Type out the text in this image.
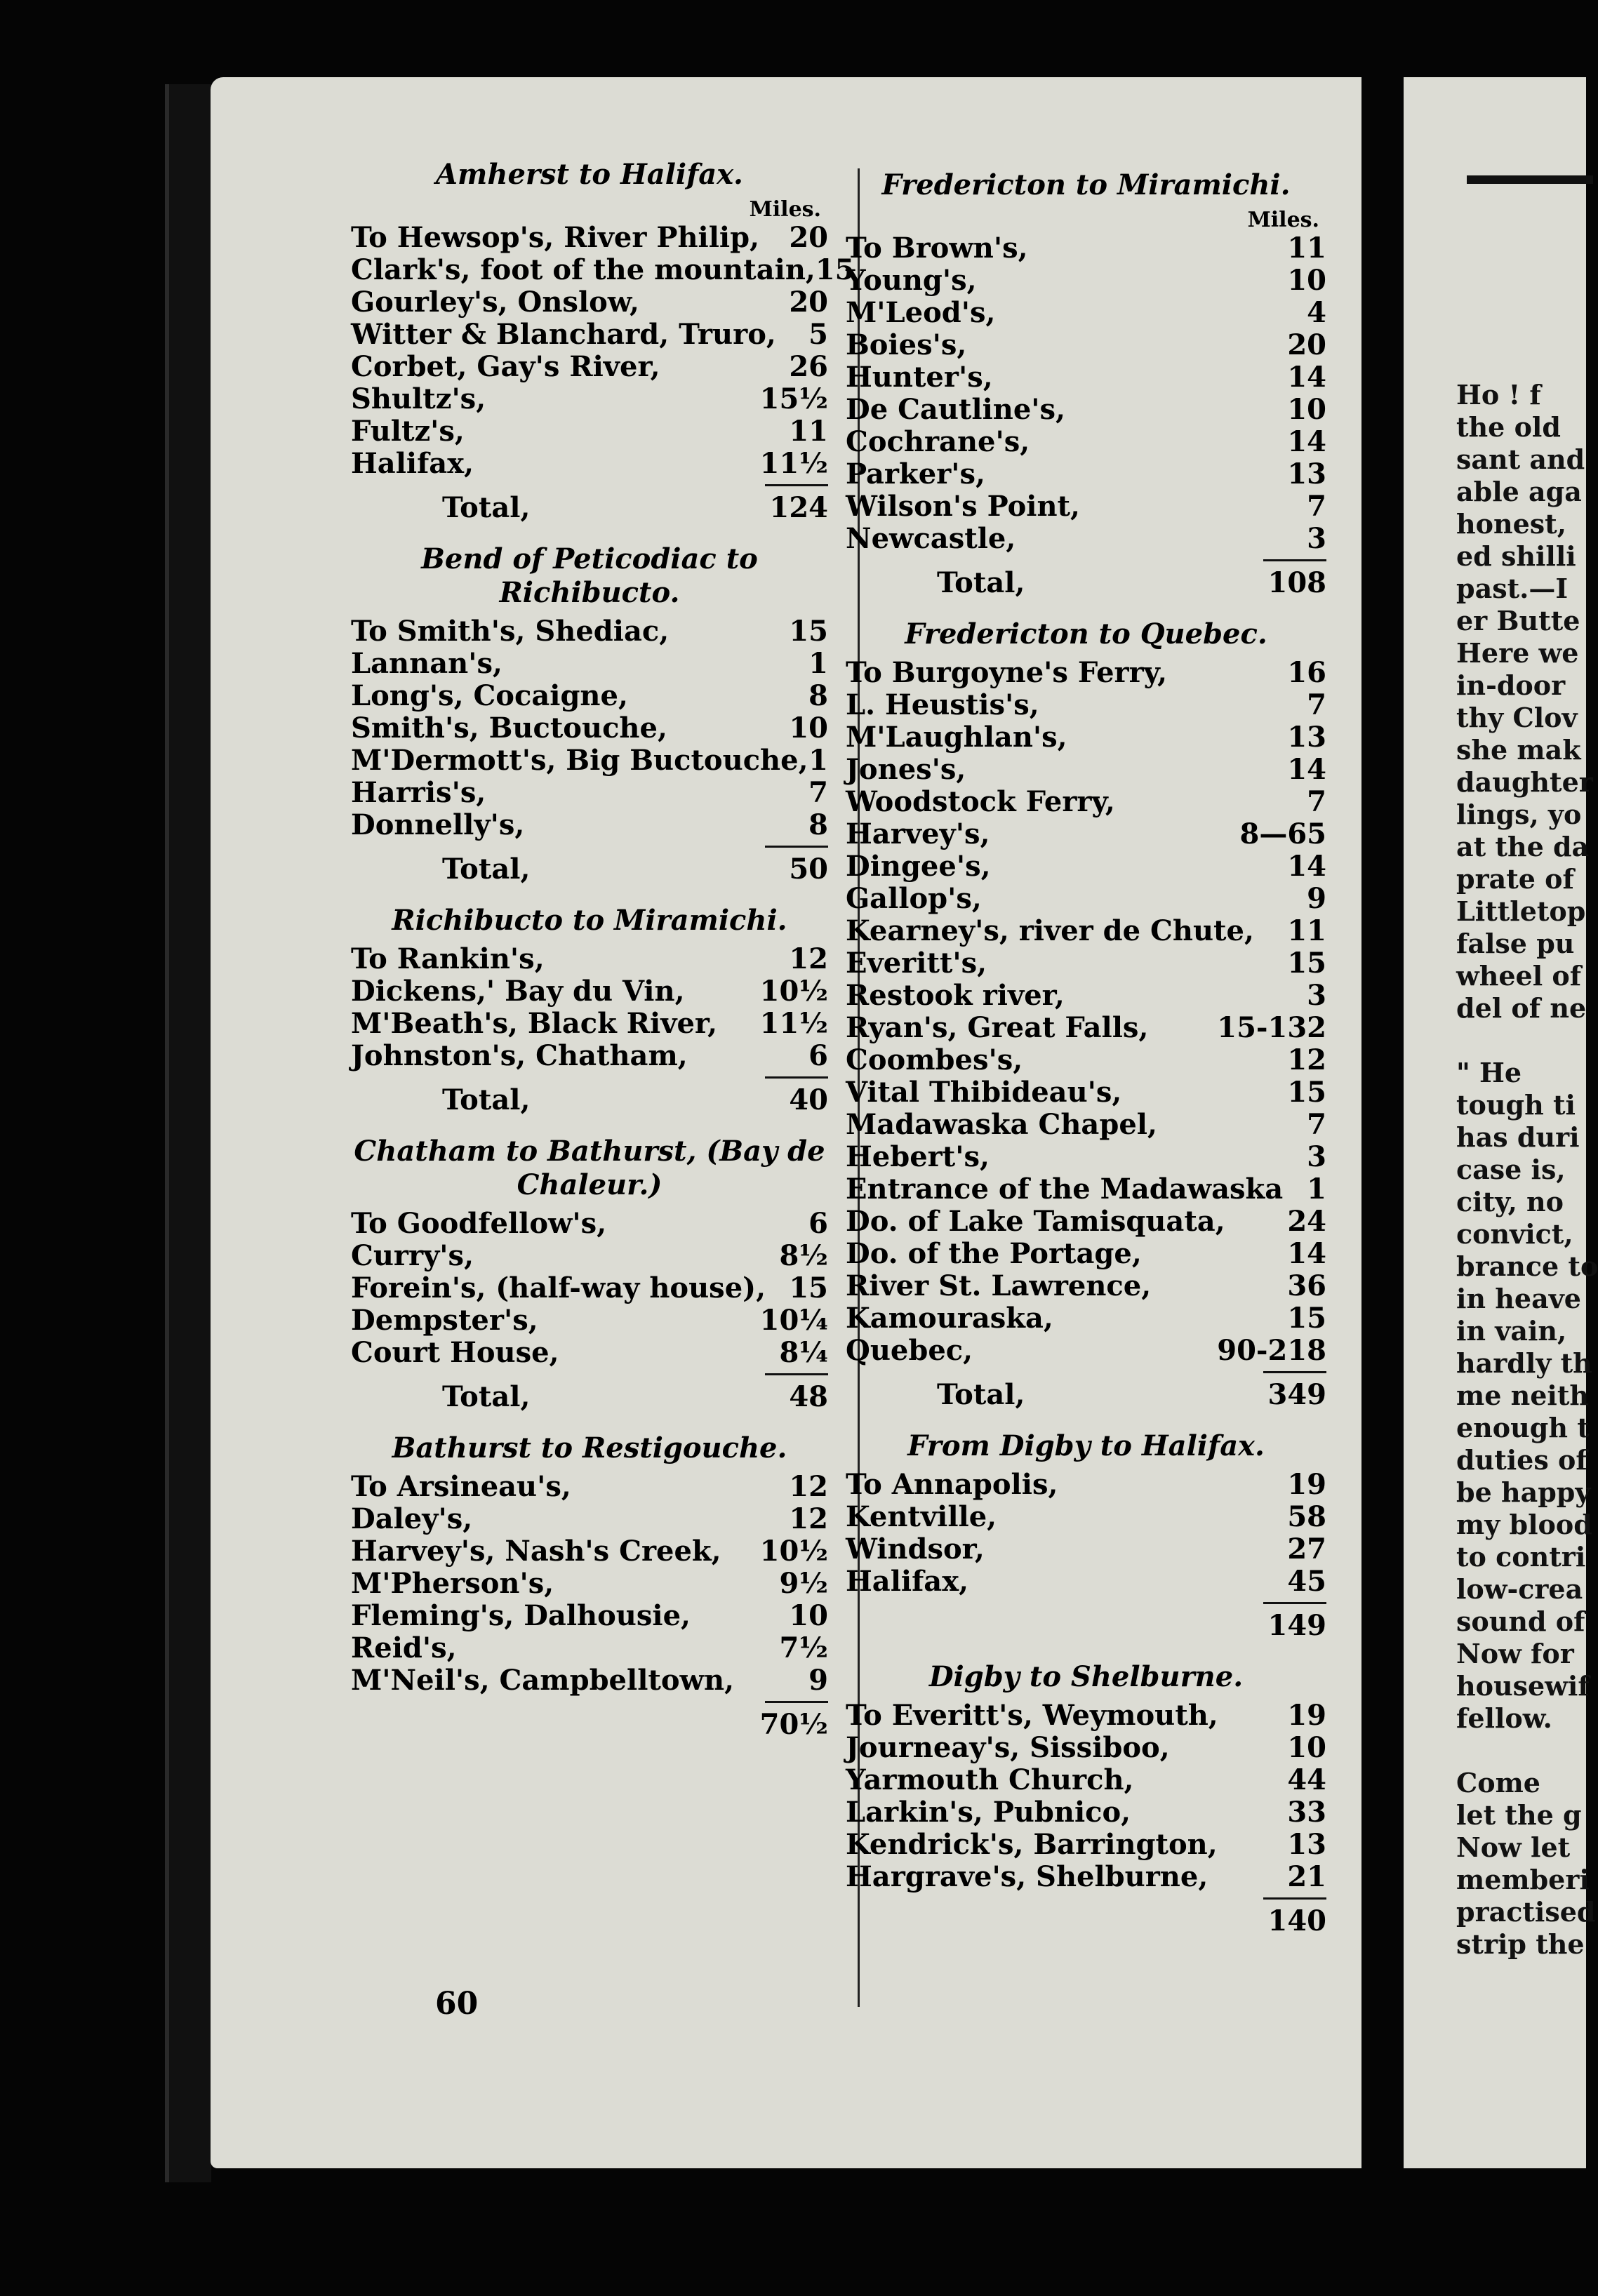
Amherst to Halifax.
Miles.
To Hewsop's, River Philip, 20
Clark's, foot of the mountain, 15
Gourley's, Onslow,	20
Witter & Blanchard, Truro, 5
Corbet, Gay's River,	26
Shultz's,	15½
Fultz's,	11
Halifax,	11½
Total,	124
Bend of Peticodiac to Richibucto.
To Smith's, Shediac,	15
Lannan's,	1
Long's, Cocaigne,	8
Smith's, Buctouche,	10
M'Dermott's, Big Buctouche, 1
Harris's,	7
Donnelly's,	8
Total,	50
Richibucto to Miramichi.
To Rankin's,	12
Dickens,' Bay du Vin,	10½
M'Beath's, Black River, 11½
Johnston's, Chatham,	6
Total,	40
Chatham to Bathurst, (Bay de Chaleur.)
To Goodfellow's,	6
Curry's,	8½
Forein's, (half-way house), 15
Dempster's,	10¼
Court House,	8¼
Total,	48
Bathurst to Restigouche.
To Arsineau's,	12
Daley's,	12
Harvey's, Nash's Creek, 10½
M'Pherson's,	9½
Fleming's, Dalhousie,	10
Reid's,	7½
M'Neil's, Campbelltown,	9
70½
Fredericton to Miramichi.
Miles.
To Brown's,	11
Young's,	10
M'Leod's,	4
Boies's,	20
Hunter's,	14
De Cautline's,	10
Cochrane's,	14
Parker's,	13
Wilson's Point,	7
Newcastle,	3
Total,	108
Fredericton to Quebec.
To Burgoyne's Ferry,	16
L. Heustis's,	7
M'Laughlan's,	13
Jones's,	14
Woodstock Ferry,	7
Harvey's,	8—65
Dingee's,	14
Gallop's,	9
Kearney's, river de Chute, 11
Everitt's,	15
Restook river,	3
Ryan's, Great Falls, 15-132
Coombes's,	12
Vital Thibideau's,	15
Madawaska Chapel,	7
Hebert's,	3
Entrance of the Madawaska 1
Do. of Lake Tamisquata, 24
Do. of the Portage,	14
River St. Lawrence,	36
Kamouraska,	15
Quebec,	90-218
Total,	349
From Digby to Halifax.
To Annapolis,	19
Kentville,	58
Windsor,	27
Halifax,	45
149
Digby to Shelburne.
To Everitt's, Weymouth, 19
Journeay's, Sissiboo,	10
Yarmouth Church,	44
Larkin's, Pubnico,	33
Kendrick's, Barrington, 13
Hargrave's, Shelburne,	21
140
60
Ho ! f
the old
sant and
able aga
honest,
ed shilli
past.—I
er Butte
Here we
in-door
thy Clov
she mak
daughter
lings, yo
at the da
prate of
Littletop
false pu
wheel of
del of ne
" He
tough ti
has duri
case is,
city, no
convict,
brance to
in heave
in vain,
hardly th
me neith
enough t
duties of
be happy
my blood
to contri
low-crea
sound of
Now for
housewif
fellow.
Come
let the g
Now let
memberi
practised
strip the
